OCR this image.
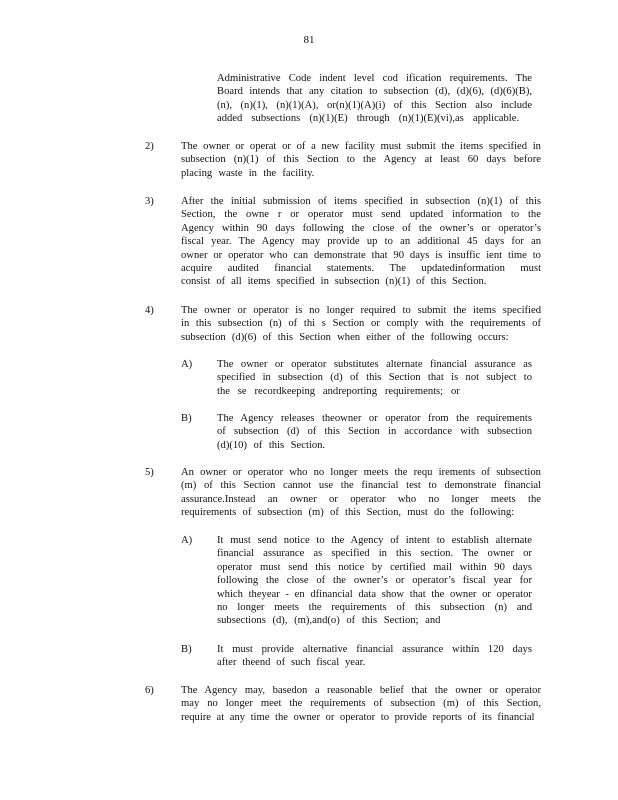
81
Administrative Code indent level cod ification requirements. The
Board intends that any citation to subsection (d), (d)(6), (d)(6)(B),
(n), (n)(1), (n)(1)(A), or(n)(1)(A)(i) of this Section also include
added subsections (n)(1)(E) through (n)(1)(E)(vi),as applicable.
2)	The owner or operat or of a new facility must submit the items specified in
subsection (n)(1) of this Section to the Agency at least 60 days before
placing waste in the facility.
3)	After the initial submission of items specified in subsection (n)(1) of this
Section, the owne r or operator must send updated information to the
Agency within 90 days following the close of the owner’s or operator’s
fiscal year. The Agency may provide up to an additional 45 days for an
owner or operator who can demonstrate that 90 days is insuffic ient time to
acquire audited financial statements. The updatedinformation must
consist of all items specified in subsection (n)(1) of this Section.
4)	The owner or operator is no longer required to submit the items specified
in this subsection (n) of thi s Section or comply with the requirements of
subsection (d)(6) of this Section when either of the following occurs:
A) The owner or operator substitutes alternate financial assurance as
specified in subsection (d) of this Section that is not subject to
the se recordkeeping andreporting requirements; or
B) The Agency releases theowner or operator from the requirements
of subsection (d) of this Section in accordance with subsection
(d)(10) of this Section.
5)	An owner or operator who no longer meets the requ irements of subsection
(m) of this Section cannot use the financial test to demonstrate financial
assurance.Instead an owner or operator who no longer meets the
requirements of subsection (m) of this Section, must do the following:
A) It must send notice to the Agency of intent to establish alternate
financial assurance as specified in this section. The owner or
operator must send this notice by certified mail within 90 days
following the close of the owner’s or operator’s fiscal year for
which theyear - en dfinancial data show that the owner or operator
no longer meets the requirements of this subsection (n) and
subsections (d), (m),and(o) of this Section; and
B) It must provide alternative financial assurance within 120 days
after theend of such fiscal year.
6)	The Agency may, basedon a reasonable belief that the owner or operator
may no longer meet the requirements of subsection (m) of this Section,
require at any time the owner or operator to provide reports of its financial
